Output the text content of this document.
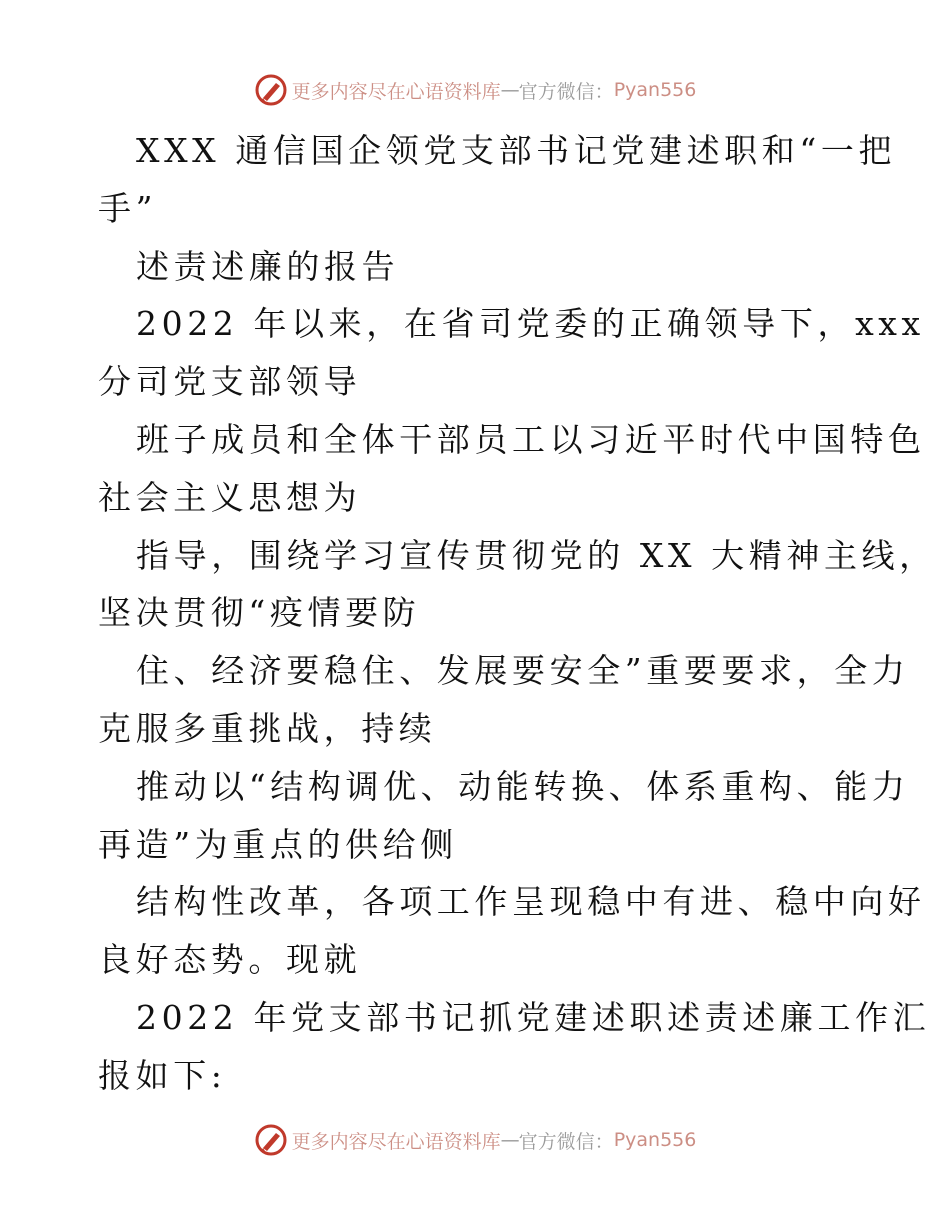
更多内容尽在心语资料库 — 官方微信： Pyan556
XXX 通信国企领党支部书记党建述职和“一把
手”
述责述廉的报告
2022 年以来，在省司党委的正确领导下，xxx
分司党支部领导
班子成员和全体干部员工以习近平时代中国特色
社会主义思想为
指导，围绕学习宣传贯彻党的 XX 大精神主线，
坚决贯彻“疫情要防
住、经济要稳住、发展要安全”重要要求，全力
克服多重挑战，持续
推动以“结构调优、动能转换、体系重构、能力
再造”为重点的供给侧
结构性改革，各项工作呈现稳中有进、稳中向好
良好态势。现就
2022 年党支部书记抓党建述职述责述廉工作汇
报如下:
更多内容尽在心语资料库 — 官方微信： Pyan556
